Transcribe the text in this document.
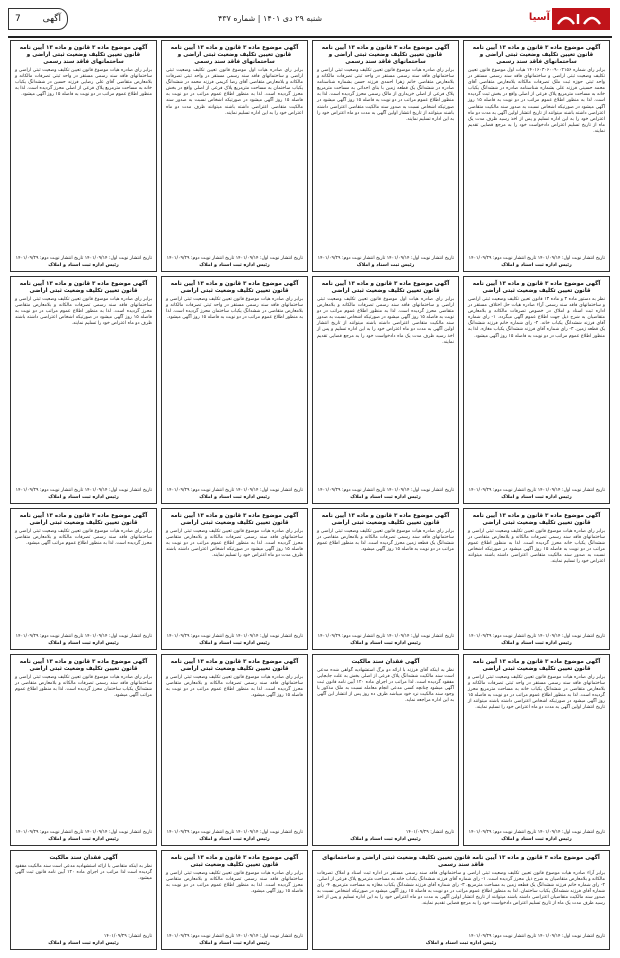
آسیا
شنبه ۲۹ دی ۱۴۰۱ | شماره ۴۳۷
7 آگهی
آگهی موضوع ماده ۳ قانون و ماده ۱۳ آیین نامه قانون تعیین تکلیف وضعیت ثبتی اراضی و ساختمانهای فاقد سند رسمی
برابر رای شماره ۱۴۰۱۶۰۳۰۶۰۰۹۰۰۲۱۵۶ هیات اول موضوع قانون تعیین تکلیف وضعیت ثبتی اراضی و ساختمانهای فاقد سند رسمی مستقر در واحد ثبتی حوزه ثبت ملک تصرفات مالکانه بلامعارض متقاضی آقای محمد حسینی فرزند علی بشماره شناسنامه صادره در ششدانگ یکباب خانه به مساحت مترمربع پلاک فرعی از اصلی واقع در بخش ثبت گردیده است. لذا به منظور اطلاع عموم مراتب در دو نوبت به فاصله ۱۵ روز آگهی میشود در صورتیکه اشخاص نسبت به صدور سند مالکیت متقاضی اعتراضی داشته باشند میتوانند از تاریخ انتشار اولین آگهی به مدت دو ماه اعتراض خود را به این اداره تسلیم و پس از اخذ رسید ظرف مدت یک ماه از تاریخ تسلیم اعتراض دادخواست خود را به مرجع قضایی تقدیم نمایند.
تاریخ انتشار نوبت اول: ۱۴۰۱/۰۹/۱۴ تاریخ انتشار نوبت دوم: ۱۴۰۱/۰۹/۲۹
رئیس اداره ثبت اسناد و املاک
آگهی موضوع ماده ۳ قانون و ماده ۱۳ آیین نامه قانون تعیین تکلیف وضعیت ثبتی اراضی و ساختمانهای فاقد سند رسمی
برابر رای صادره هیات موضوع قانون تعیین تکلیف وضعیت ثبتی اراضی و ساختمانهای فاقد سند رسمی مستقر در واحد ثبتی تصرفات مالکانه و بلامعارض متقاضی خانم زهرا احمدی فرزند حسن بشماره شناسنامه صادره در ششدانگ یک قطعه زمین با بنای احداثی به مساحت مترمربع پلاک فرعی از اصلی خریداری از مالک رسمی محرز گردیده است. لذا به منظور اطلاع عموم مراتب در دو نوبت به فاصله ۱۵ روز آگهی میشود در صورتیکه اشخاص نسبت به صدور سند مالکیت متقاضی اعتراضی داشته باشند میتوانند از تاریخ انتشار اولین آگهی به مدت دو ماه اعتراض خود را به این اداره تسلیم نمایند.
تاریخ انتشار نوبت اول: ۱۴۰۱/۰۹/۱۴ تاریخ انتشار نوبت دوم: ۱۴۰۱/۰۹/۲۹
رئیس ثبت اسناد و املاک
آگهی موضوع ماده ۳ قانون و ماده ۱۳ آیین نامه قانون تعیین تکلیف وضعیت ثبتی اراضی و ساختمانهای فاقد سند رسمی
برابر رای صادره هیات اول موضوع قانون تعیین تکلیف وضعیت ثبتی اراضی و ساختمانهای فاقد سند رسمی مستقر در واحد ثبتی تصرفات مالکانه و بلامعارض متقاضی آقای رضا کریمی فرزند محمد در ششدانگ یکباب ساختمان به مساحت مترمربع پلاک فرعی از اصلی واقع در بخش محرز گردیده است. لذا به منظور اطلاع عموم مراتب در دو نوبت به فاصله ۱۵ روز آگهی میشود در صورتیکه اشخاص نسبت به صدور سند مالکیت متقاضی اعتراضی داشته باشند میتوانند ظرف مدت دو ماه اعتراض خود را به این اداره تسلیم نمایند.
تاریخ انتشار نوبت اول: ۱۴۰۱/۰۹/۱۴ تاریخ انتشار نوبت دوم: ۱۴۰۱/۰۹/۲۹
رئیس اداره ثبت اسناد و املاک
آگهی موضوع ماده ۳ قانون و ماده ۱۳ آیین نامه قانون تعیین تکلیف وضعیت ثبتی اراضی و ساختمانهای فاقد سند رسمی
برابر رای صادره هیات موضوع قانون تعیین تکلیف وضعیت ثبتی اراضی و ساختمانهای فاقد سند رسمی مستقر در واحد ثبتی تصرفات مالکانه و بلامعارض متقاضی آقای علی رضایی فرزند حسین در ششدانگ یکباب خانه به مساحت مترمربع پلاک فرعی از اصلی محرز گردیده است. لذا به منظور اطلاع عموم مراتب در دو نوبت به فاصله ۱۵ روز آگهی میشود.
تاریخ انتشار نوبت اول: ۱۴۰۱/۰۹/۱۴ تاریخ انتشار نوبت دوم: ۱۴۰۱/۰۹/۲۹
رئیس اداره ثبت اسناد و املاک
آگهی موضوع ماده ۳ قانون و ماده ۱۳ آیین نامه قانون تعیین تکلیف وضعیت ثبتی اراضی
نظر به دستور ماده ۳ و ماده ۱۳ قانون تعیین تکلیف وضعیت ثبتی اراضی و ساختمانهای فاقد سند رسمی آراء صادره هیات حل اختلاف مستقر در اداره ثبت اسناد و املاک در خصوص تصرفات مالکانه و بلامعارض متقاضیان به شرح ذیل جهت اطلاع عموم آگهی میگردد. ۱- رای شماره آقای فرزند ششدانگ یکباب خانه. ۲- رای شماره خانم فرزند ششدانگ یک قطعه زمین. ۳- رای شماره آقای فرزند ششدانگ یکباب مغازه. لذا به منظور اطلاع عموم مراتب در دو نوبت به فاصله ۱۵ روز آگهی میشود.
تاریخ انتشار نوبت اول: ۱۴۰۱/۰۹/۱۴ تاریخ انتشار نوبت دوم: ۱۴۰۱/۰۹/۲۹
رئیس اداره ثبت اسناد و املاک
آگهی موضوع ماده ۳ قانون و ماده ۱۳ آیین نامه قانون تعیین تکلیف وضعیت ثبتی اراضی
برابر رای صادره هیات اول موضوع قانون تعیین تکلیف وضعیت ثبتی اراضی و ساختمانهای فاقد سند رسمی تصرفات مالکانه و بلامعارض متقاضی محرز گردیده است. لذا به منظور اطلاع عموم مراتب در دو نوبت به فاصله ۱۵ روز آگهی میشود در صورتیکه اشخاص نسبت به صدور سند مالکیت متقاضی اعتراضی داشته باشند میتوانند از تاریخ انتشار اولین آگهی به مدت دو ماه اعتراض خود را به این اداره تسلیم و پس از اخذ رسید ظرف مدت یک ماه دادخواست خود را به مرجع قضایی تقدیم نمایند.
تاریخ انتشار نوبت اول: ۱۴۰۱/۰۹/۱۴ تاریخ انتشار نوبت دوم: ۱۴۰۱/۰۹/۲۹
رئیس اداره ثبت اسناد و املاک
آگهی موضوع ماده ۳ قانون و ماده ۱۳ آیین نامه قانون تعیین تکلیف وضعیت ثبتی اراضی
برابر رای صادره هیات موضوع قانون تعیین تکلیف وضعیت ثبتی اراضی و ساختمانهای فاقد سند رسمی مستقر در واحد ثبتی تصرفات مالکانه و بلامعارض متقاضی در ششدانگ یکباب ساختمان محرز گردیده است. لذا به منظور اطلاع عموم مراتب در دو نوبت به فاصله ۱۵ روز آگهی میشود.
تاریخ انتشار نوبت اول: ۱۴۰۱/۰۹/۱۴ تاریخ انتشار نوبت دوم: ۱۴۰۱/۰۹/۲۹
رئیس اداره ثبت اسناد و املاک
آگهی موضوع ماده ۳ قانون و ماده ۱۳ آیین نامه قانون تعیین تکلیف وضعیت ثبتی اراضی
برابر رای صادره هیات موضوع قانون تعیین تکلیف وضعیت ثبتی اراضی و ساختمانهای فاقد سند رسمی تصرفات مالکانه و بلامعارض متقاضی محرز گردیده است. لذا به منظور اطلاع عموم مراتب در دو نوبت به فاصله ۱۵ روز آگهی میشود در صورتیکه اشخاص اعتراضی داشته باشند ظرف دو ماه اعتراض خود را تسلیم نمایند.
تاریخ انتشار نوبت اول: ۱۴۰۱/۰۹/۱۴ تاریخ انتشار نوبت دوم: ۱۴۰۱/۰۹/۲۹
رئیس اداره ثبت اسناد و املاک
آگهی موضوع ماده ۳ قانون و ماده ۱۳ آیین نامه قانون تعیین تکلیف وضعیت ثبتی اراضی
برابر رای صادره هیات موضوع قانون تعیین تکلیف وضعیت ثبتی اراضی و ساختمانهای فاقد سند رسمی تصرفات مالکانه و بلامعارض متقاضی در ششدانگ یکباب خانه محرز گردیده است. لذا به منظور اطلاع عموم مراتب در دو نوبت به فاصله ۱۵ روز آگهی میشود در صورتیکه اشخاص نسبت به صدور سند مالکیت متقاضی اعتراضی داشته باشند میتوانند اعتراض خود را تسلیم نمایند.
تاریخ انتشار نوبت اول: ۱۴۰۱/۰۹/۱۴ تاریخ انتشار نوبت دوم: ۱۴۰۱/۰۹/۲۹
رئیس اداره ثبت اسناد و املاک
آگهی موضوع ماده ۳ قانون و ماده ۱۳ آیین نامه قانون تعیین تکلیف وضعیت ثبتی اراضی
برابر رای صادره هیات موضوع قانون تعیین تکلیف وضعیت ثبتی اراضی و ساختمانهای فاقد سند رسمی تصرفات مالکانه و بلامعارض متقاضی در ششدانگ یک قطعه زمین محرز گردیده است. لذا به منظور اطلاع عموم مراتب در دو نوبت به فاصله ۱۵ روز آگهی میشود.
تاریخ انتشار نوبت اول: ۱۴۰۱/۰۹/۱۴ تاریخ انتشار نوبت دوم: ۱۴۰۱/۰۹/۲۹
رئیس اداره ثبت اسناد و املاک
آگهی موضوع ماده ۳ قانون و ماده ۱۳ آیین نامه قانون تعیین تکلیف وضعیت ثبتی اراضی
برابر رای صادره هیات موضوع قانون تعیین تکلیف وضعیت ثبتی اراضی و ساختمانهای فاقد سند رسمی تصرفات مالکانه و بلامعارض متقاضی محرز گردیده است. لذا به منظور اطلاع عموم مراتب در دو نوبت به فاصله ۱۵ روز آگهی میشود در صورتیکه اشخاص اعتراضی داشته باشند ظرف مدت دو ماه اعتراض خود را تسلیم نمایند.
تاریخ انتشار نوبت اول: ۱۴۰۱/۰۹/۱۴ تاریخ انتشار نوبت دوم: ۱۴۰۱/۰۹/۲۹
رئیس اداره ثبت اسناد و املاک
آگهی موضوع ماده ۳ قانون و ماده ۱۳ آیین نامه قانون تعیین تکلیف وضعیت ثبتی اراضی
برابر رای صادره هیات موضوع قانون تعیین تکلیف وضعیت ثبتی اراضی و ساختمانهای فاقد سند رسمی تصرفات مالکانه و بلامعارض متقاضی محرز گردیده است. لذا به منظور اطلاع عموم مراتب آگهی میشود.
تاریخ انتشار نوبت اول: ۱۴۰۱/۰۹/۱۴ تاریخ انتشار نوبت دوم: ۱۴۰۱/۰۹/۲۹
رئیس اداره ثبت اسناد و املاک
آگهی موضوع ماده ۳ قانون و ماده ۱۳ آیین نامه قانون تعیین تکلیف وضعیت ثبتی اراضی
برابر رای صادره هیات موضوع قانون تعیین تکلیف وضعیت ثبتی اراضی و ساختمانهای فاقد سند رسمی مستقر در واحد ثبتی تصرفات مالکانه و بلامعارض متقاضی در ششدانگ یکباب خانه به مساحت مترمربع محرز گردیده است. لذا به منظور اطلاع عموم مراتب در دو نوبت به فاصله ۱۵ روز آگهی میشود در صورتیکه اشخاص اعتراضی داشته باشند میتوانند از تاریخ انتشار اولین آگهی به مدت دو ماه اعتراض خود را تسلیم نمایند.
تاریخ انتشار نوبت اول: ۱۴۰۱/۰۹/۱۴ تاریخ انتشار نوبت دوم: ۱۴۰۱/۰۹/۲۹
رئیس اداره ثبت اسناد و املاک
آگهی فقدان سند مالکیت
نظر به اینکه آقای فرزند با ارائه دو برگ استشهادیه گواهی شده مدعی است سند مالکیت ششدانگ پلاک فرعی از اصلی بخش به علت جابجایی مفقود گردیده است. لذا مراتب در اجرای ماده ۱۲۰ آیین نامه قانون ثبت آگهی میشود چنانچه کسی مدعی انجام معامله نسبت به ملک مذکور یا وجود سند مالکیت نزد خود میباشد ظرف ده روز پس از انتشار این آگهی به این اداره مراجعه نماید.
تاریخ انتشار: ۱۴۰۱/۰۹/۲۹
رئیس اداره ثبت اسناد و املاک
آگهی موضوع ماده ۳ قانون و ماده ۱۳ آیین نامه قانون تعیین تکلیف وضعیت ثبتی اراضی
برابر رای صادره هیات موضوع قانون تعیین تکلیف وضعیت ثبتی اراضی و ساختمانهای فاقد سند رسمی تصرفات مالکانه و بلامعارض متقاضی محرز گردیده است. لذا به منظور اطلاع عموم مراتب در دو نوبت به فاصله ۱۵ روز آگهی میشود.
تاریخ انتشار نوبت اول: ۱۴۰۱/۰۹/۱۴ تاریخ انتشار نوبت دوم: ۱۴۰۱/۰۹/۲۹
رئیس اداره ثبت اسناد و املاک
آگهی موضوع ماده ۳ قانون و ماده ۱۳ آیین نامه قانون تعیین تکلیف وضعیت ثبتی اراضی
برابر رای صادره هیات موضوع قانون تعیین تکلیف وضعیت ثبتی اراضی و ساختمانهای فاقد سند رسمی تصرفات مالکانه و بلامعارض متقاضی در ششدانگ یکباب ساختمان محرز گردیده است. لذا به منظور اطلاع عموم مراتب آگهی میشود.
تاریخ انتشار نوبت اول: ۱۴۰۱/۰۹/۱۴ تاریخ انتشار نوبت دوم: ۱۴۰۱/۰۹/۲۹
رئیس اداره ثبت اسناد و املاک
آگهی موضوع ماده ۳ قانون و ماده ۱۳ آیین نامه قانون تعیین تکلیف وضعیت ثبتی اراضی و ساختمانهای فاقد سند رسمی
برابر آراء صادره هیات موضوع قانون تعیین تکلیف وضعیت ثبتی اراضی و ساختمانهای فاقد سند رسمی مستقر در اداره ثبت اسناد و املاک تصرفات مالکانه و بلامعارض متقاضیان به شرح ذیل محرز گردیده است. ۱- رای شماره آقای فرزند ششدانگ یکباب خانه به مساحت مترمربع پلاک فرعی از اصلی. ۲- رای شماره خانم فرزند ششدانگ یک قطعه زمین به مساحت مترمربع. ۳- رای شماره آقای فرزند ششدانگ یکباب مغازه به مساحت مترمربع. ۴- رای شماره آقای فرزند ششدانگ یکباب ساختمان. لذا به منظور اطلاع عموم مراتب در دو نوبت به فاصله ۱۵ روز آگهی میشود در صورتیکه اشخاص نسبت به صدور سند مالکیت متقاضیان اعتراضی داشته باشند میتوانند از تاریخ انتشار اولین آگهی به مدت دو ماه اعتراض خود را به این اداره تسلیم و پس از اخذ رسید ظرف مدت یک ماه از تاریخ تسلیم اعتراض دادخواست خود را به مرجع قضایی تقدیم نمایند.
تاریخ انتشار نوبت اول: ۱۴۰۱/۰۹/۱۴ تاریخ انتشار نوبت دوم: ۱۴۰۱/۰۹/۲۹
رئیس اداره ثبت اسناد و املاک
آگهی موضوع ماده ۳ قانون و ماده ۱۳ آیین نامه قانون تعیین تکلیف وضعیت ثبتی
برابر رای صادره هیات موضوع قانون تعیین تکلیف وضعیت ثبتی اراضی و ساختمانهای فاقد سند رسمی تصرفات مالکانه و بلامعارض متقاضی محرز گردیده است. لذا به منظور اطلاع عموم مراتب در دو نوبت به فاصله ۱۵ روز آگهی میشود.
تاریخ انتشار نوبت اول: ۱۴۰۱/۰۹/۱۴ تاریخ انتشار نوبت دوم: ۱۴۰۱/۰۹/۲۹
رئیس اداره ثبت اسناد و املاک
آگهی فقدان سند مالکیت
نظر به اینکه متقاضی با ارائه استشهادیه مدعی است سند مالکیت مفقود گردیده است لذا مراتب در اجرای ماده ۱۲۰ آیین نامه قانون ثبت آگهی میشود.
تاریخ انتشار: ۱۴۰۱/۰۹/۲۹
رئیس اداره ثبت اسناد و املاک
